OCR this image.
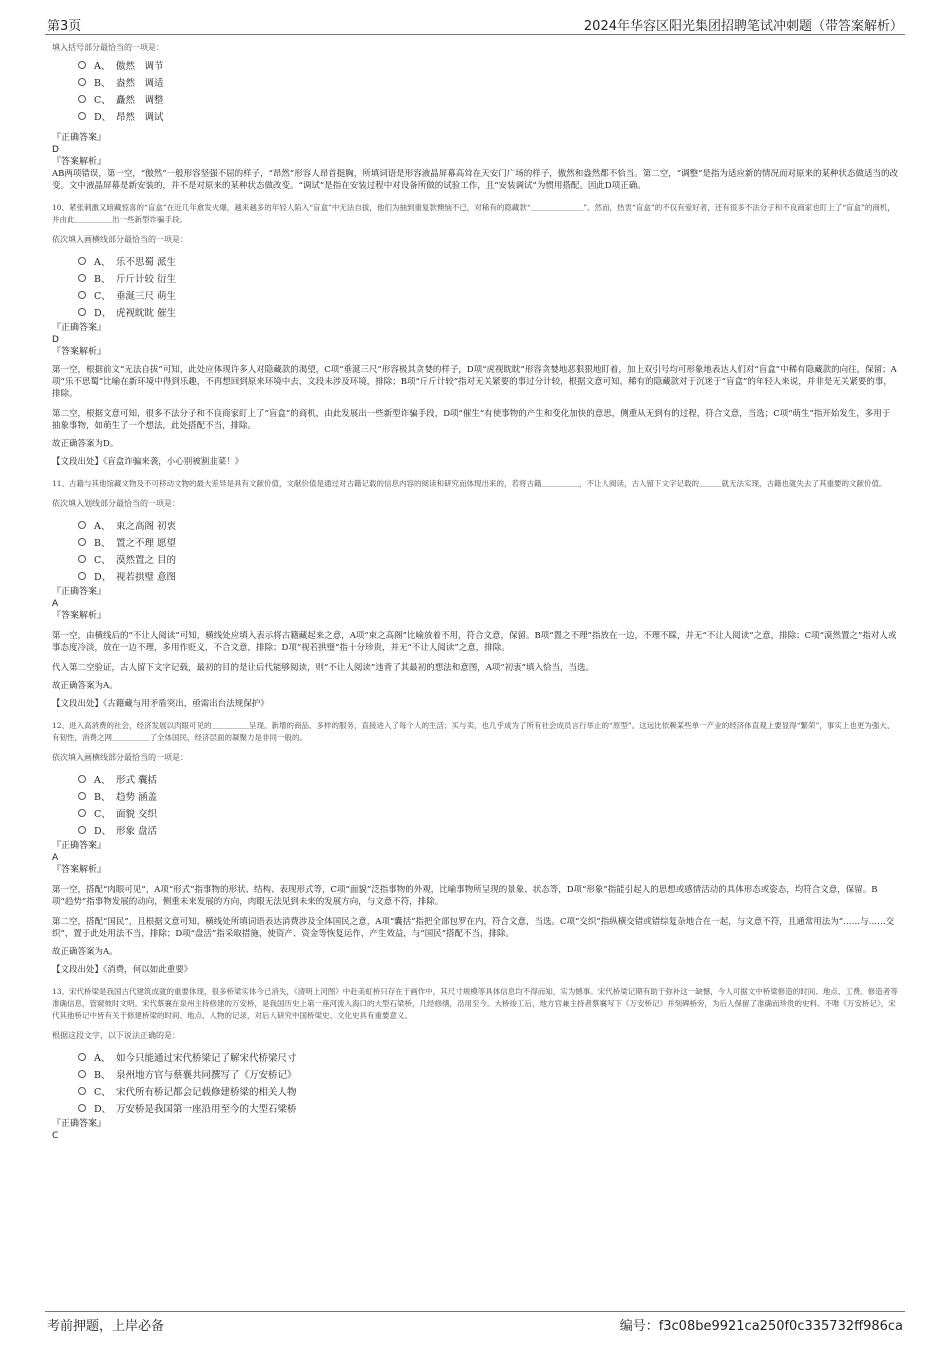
第3页	2024年华容区阳光集团招聘笔试冲刺题（带答案解析）

填入括号部分最恰当的一项是：

A、 傲然　调节
B、 盎然　调适
C、 矗然　调整
D、 昂然　调试

『正确答案』

D

『答案解析』

AB两项错误，第一空，“傲然”一般形容坚强不屈的样子，“昂然”形容人昂首挺胸，所填词语是形容液晶屏幕高耸在天安门广场的样子，傲然和盎然都不恰当。第二空，“调整”是指为适应新的情况而对原来的某种状态做适当的改变。文中液晶屏幕是新安装的，并不是对原来的某种状态做改变。“调试”是指在安装过程中对设备所做的试验工作，且“安装调试”为惯用搭配。因此D项正确。

10、紧张刺激又暗藏惊喜的“盲盒”在近几年愈发火爆，越来越多的年轻人陷入“盲盒”中无法自拔，他们为抽到重复款懊恼不已，对稀有的隐藏款“＿＿＿＿＿＿＿”。然而，热衷“盲盒”的不仅有爱好者，还有很多不法分子和不良商家也盯上了“盲盒”的商机，并由此＿＿＿＿＿出一些新型诈骗手段。

依次填入画横线部分最恰当的一项是：

A、 乐不思蜀 派生
B、 斤斤计较 衍生
C、 垂涎三尺 萌生
D、 虎视眈眈 催生

『正确答案』

D

『答案解析』

第一空，根据前文“无法自拔”可知，此处应体现许多人对隐藏款的渴望，C项“垂涎三尺”形容极其贪婪的样子，D项“虎视眈眈”形容贪婪地恶狠狠地盯着，加上双引号均可形象地表达人们对“盲盒”中稀有隐藏款的向往，保留；A项“乐不思蜀”比喻在新环境中得到乐趣，不再想回到原来环境中去，文段未涉及环境，排除；B项“斤斤计较”指对无关紧要的事过分计较，根据文意可知，稀有的隐藏款对于沉迷于“盲盒”的年轻人来说，并非是无关紧要的事，排除。

第二空，根据文意可知，很多不法分子和不良商家盯上了“盲盒”的商机，由此发展出一些新型诈骗手段，D项“催生”有使事物的产生和变化加快的意思，侧重从无到有的过程，符合文意，当选；C项“萌生”指开始发生，多用于抽象事物，如萌生了一个想法，此处搭配不当，排除。

故正确答案为D。

【文段出处】《盲盒诈骗来袭，小心别被割韭菜！》

11、古籍与其他馆藏文物及不可移动文物的最大差异是具有文献价值，文献价值是通过对古籍记载的信息内容的阅读和研究而体现出来的，若将古籍＿＿＿＿＿，不让人阅读，古人留下文字记载的＿＿＿就无法实现，古籍也就失去了其重要的文献价值。

依次填入划线部分最恰当的一项是：

A、 束之高阁 初衷
B、 置之不理 愿望
C、 漠然置之 目的
D、 视若拱璧 意图

『正确答案』

A

『答案解析』

第一空，由横线后的“不让人阅读”可知，横线处应填入表示将古籍藏起来之意，A项“束之高阁”比喻放着不用，符合文意，保留。B项“置之不理”指放在一边，不理不睬，并无“不让人阅读”之意，排除；C项“漠然置之”指对人或事态度冷淡，放在一边不理，多用作贬义，不合文意，排除；D项“视若拱璧”指十分珍贵，并无“不让人阅读”之意，排除。

代入第二空验证，古人留下文字记载，最初的目的是让后代能够阅读，则“不让人阅读”违背了其最初的想法和意图，A项“初衷”填入恰当，当选。

故正确答案为A。

【文段出处】《古籍藏与用矛盾突出，亟需出台法规保护》

12、进入高消费的社会，经济发展以肉眼可见的＿＿＿＿＿呈现。新增的商品、多样的服务，直接进入了每个人的生活；买与卖，也几乎成为了所有社会成员言行举止的“原型”。这远比依赖某些单一产业的经济体直观上要显得“繁荣”，事实上也更为强大、有韧性，消费之网＿＿＿＿＿了全体国民，经济层面的凝聚力是非同一般的。

依次填入画横线部分最恰当的一项是：

A、 形式 囊括
B、 趋势 涵盖
C、 面貌 交织
D、 形象 盘活

『正确答案』

A

『答案解析』

第一空，搭配“肉眼可见”，A项“形式”指事物的形状、结构、表现形式等，C项“面貌”泛指事物的外观，比喻事物所呈现的景象、状态等，D项“形象”指能引起人的思想或感情活动的具体形态或姿态，均符合文意，保留。B项“趋势”指事物发展的动向，侧重未来发展的方向，肉眼无法见到未来的发展方向，与文意不符，排除。

第二空，搭配“国民”，且根据文意可知，横线处所填词语表达消费涉及全体国民之意，A项“囊括”指把全部包罗在内，符合文意，当选。C项“交织”指纵横交错或错综复杂地合在一起，与文意不符，且通常用法为“……与……交织”，置于此处用法不当，排除；D项“盘活”指采取措施，使资产、资金等恢复运作，产生效益，与“国民”搭配不当，排除。

故正确答案为A。

【文段出处】《消费，何以如此重要》

13、宋代桥梁是我国古代建筑成就的重要体现，很多桥梁实体今已消失，《清明上河图》中赴美虹桥只存在于画作中，其尺寸规模等具体信息均不得而知，实为憾事。宋代桥梁记期有助于弥补这一缺憾，今人可据文中桥梁修造的时间、地点、工费、修造者等准确信息，管窥彼时文明。宋代蔡襄在泉州主持修建的万安桥，是我国历史上第一座河流入海口的大型石梁桥，几经修缮，沿用至今。大桥竣工后，地方官兼主持者蔡襄写下《万安桥记》并刻碑桥旁，为后人保留了准确而珍贵的史料。不唯《万安桥记》，宋代其他桥记中皆有关于修建桥梁的时间、地点、人物的记录，对后人研究中国桥梁史、文化史具有重要意义。

根据这段文字，以下说法正确的是：

A、 如今只能通过宋代桥梁记了解宋代桥梁尺寸
B、 泉州地方官与蔡襄共同撰写了《万安桥记》
C、 宋代所有桥记都会记载修建桥梁的相关人物
D、 万安桥是我国第一座沿用至今的大型石梁桥

『正确答案』

C

考前押题，上岸必备	编号：f3c08be9921ca250f0c335732ff986ca
